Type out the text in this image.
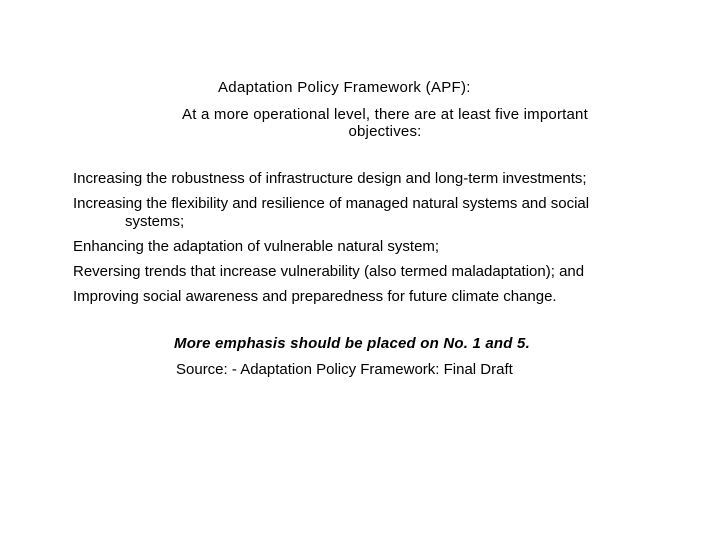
Adaptation Policy Framework (APF):
At a more operational level, there are at least five important
objectives:
Increasing the robustness of infrastructure design and long-term investments;
Increasing the flexibility and resilience of managed natural systems and social
systems;
Enhancing the adaptation of vulnerable natural system;
Reversing trends that increase vulnerability (also termed maladaptation); and
Improving social awareness and preparedness for future climate change.
More emphasis should be placed on No. 1 and 5.
Source: - Adaptation Policy Framework: Final Draft
